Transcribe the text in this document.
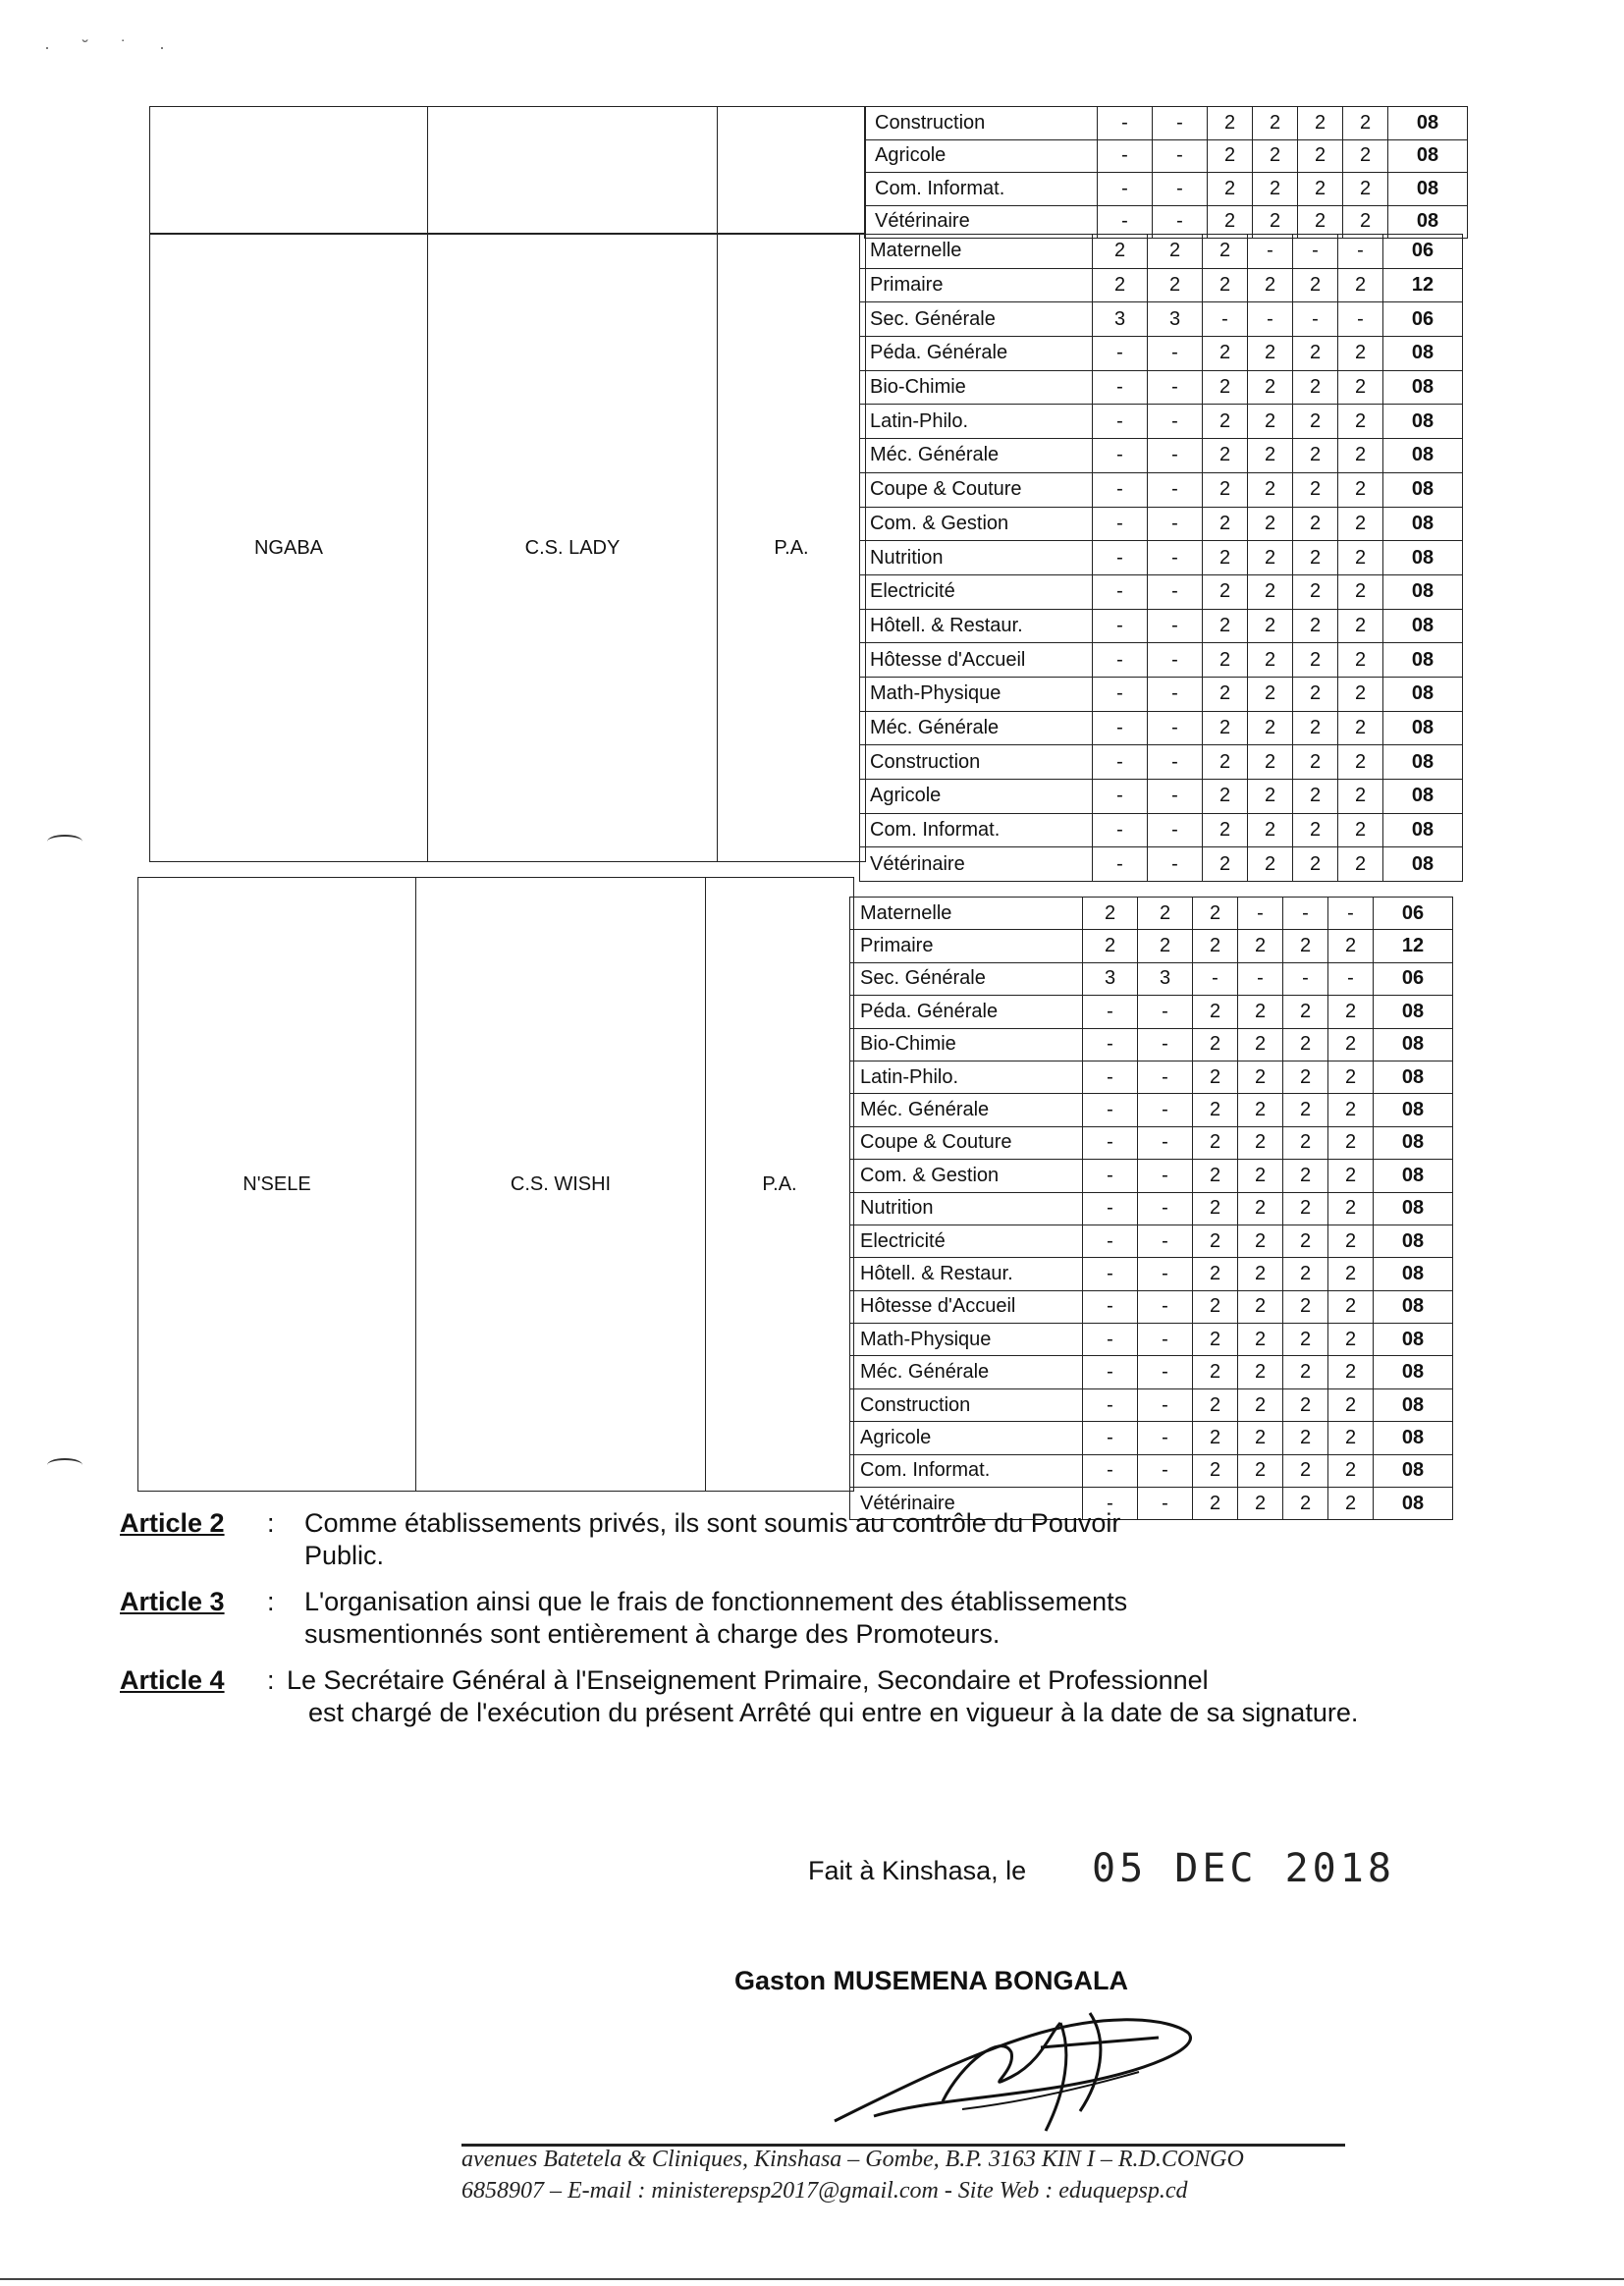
· ˘ ˙ ·

Construction	-	-	2	2	2	2	08
Agricole	-	-	2	2	2	2	08
Com. Informat.	-	-	2	2	2	2	08
Vétérinaire	-	-	2	2	2	2	08
NGABA	C.S. LADY	P.A.
Maternelle	2	2	2	-	-	-	06
Primaire	2	2	2	2	2	2	12
Sec. Générale	3	3	-	-	-	-	06
Péda. Générale	-	-	2	2	2	2	08
Bio-Chimie	-	-	2	2	2	2	08
Latin-Philo.	-	-	2	2	2	2	08
Méc. Générale	-	-	2	2	2	2	08
Coupe & Couture	-	-	2	2	2	2	08
Com. & Gestion	-	-	2	2	2	2	08
Nutrition	-	-	2	2	2	2	08
Electricité	-	-	2	2	2	2	08
Hôtell. & Restaur.	-	-	2	2	2	2	08
Hôtesse d'Accueil	-	-	2	2	2	2	08
Math-Physique	-	-	2	2	2	2	08
Méc. Générale	-	-	2	2	2	2	08
Construction	-	-	2	2	2	2	08
Agricole	-	-	2	2	2	2	08
Com. Informat.	-	-	2	2	2	2	08
Vétérinaire	-	-	2	2	2	2	08
N'SELE	C.S. WISHI	P.A.
Maternelle	2	2	2	-	-	-	06
Primaire	2	2	2	2	2	2	12
Sec. Générale	3	3	-	-	-	-	06
Péda. Générale	-	-	2	2	2	2	08
Bio-Chimie	-	-	2	2	2	2	08
Latin-Philo.	-	-	2	2	2	2	08
Méc. Générale	-	-	2	2	2	2	08
Coupe & Couture	-	-	2	2	2	2	08
Com. & Gestion	-	-	2	2	2	2	08
Nutrition	-	-	2	2	2	2	08
Electricité	-	-	2	2	2	2	08
Hôtell. & Restaur.	-	-	2	2	2	2	08
Hôtesse d'Accueil	-	-	2	2	2	2	08
Math-Physique	-	-	2	2	2	2	08
Méc. Générale	-	-	2	2	2	2	08
Construction	-	-	2	2	2	2	08
Agricole	-	-	2	2	2	2	08
Com. Informat.	-	-	2	2	2	2	08
Vétérinaire	-	-	2	2	2	2	08
Article 2 : Comme établissements privés, ils sont soumis au contrôle du Pouvoir
Public.
Article 3 : L'organisation ainsi que le frais de fonctionnement des établissements
susmentionnés sont entièrement à charge des Promoteurs.
Article 4 : Le Secrétaire Général à l'Enseignement Primaire, Secondaire et Professionnel
est chargé de l'exécution du présent Arrêté qui entre en vigueur à la date de sa signature.
Fait à Kinshasa, le 05 DEC 2018
Gaston MUSEMENA BONGALA
avenues Batetela & Cliniques, Kinshasa – Gombe, B.P. 3163 KIN I – R.D.CONGO
6858907 – E-mail : ministerepsp2017@gmail.com - Site Web : eduquepsp.cd
